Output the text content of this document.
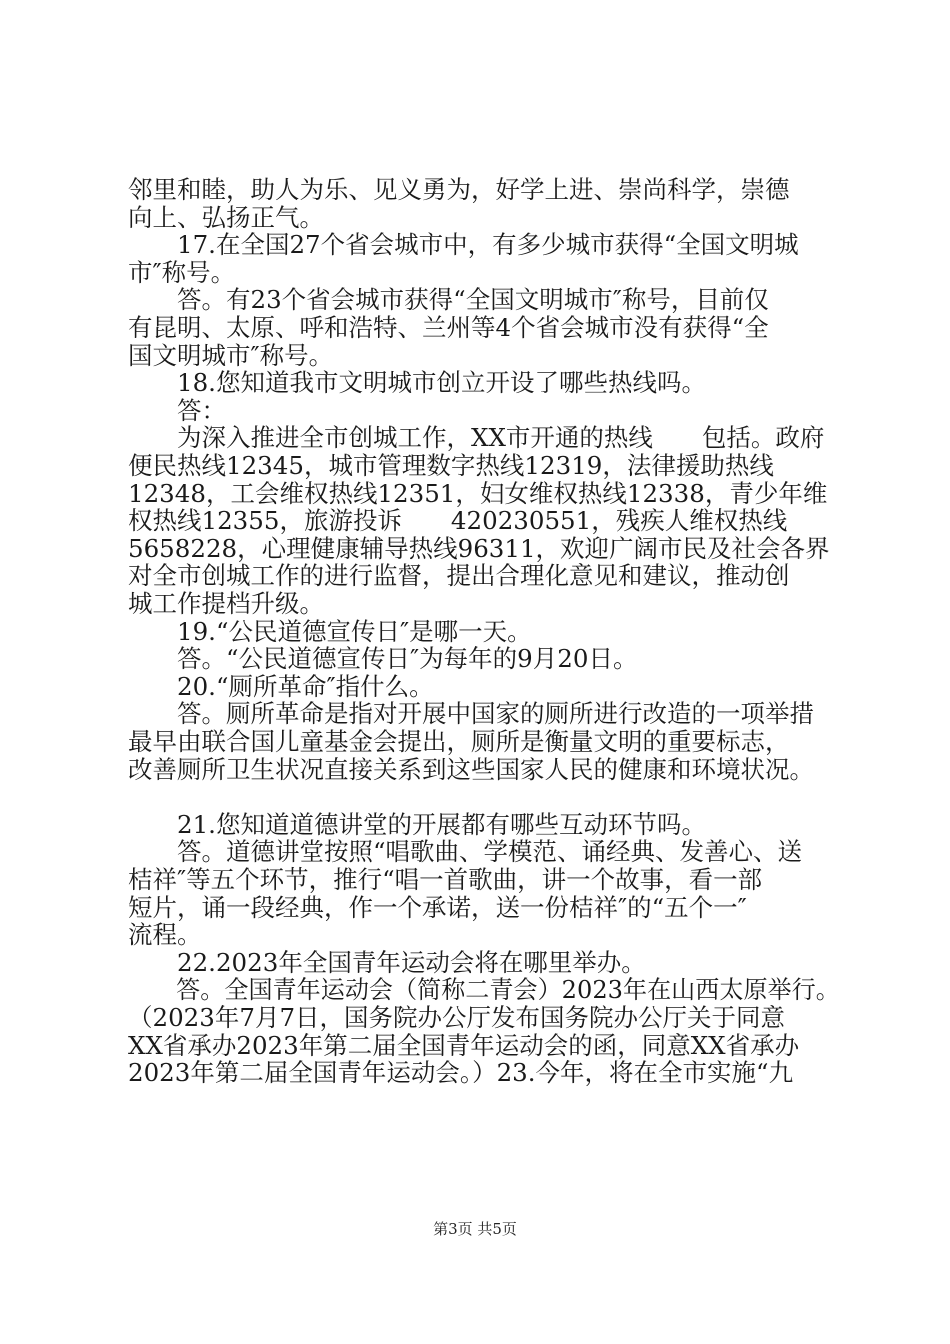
邻里和睦，助人为乐、见义勇为，好学上进、崇尚科学，崇德
向上、弘扬正气。
　　17.在全国27个省会城市中，有多少城市获得“全国文明城
市″称号。
　　答。有23个省会城市获得“全国文明城市″称号，目前仅
有昆明、太原、呼和浩特、兰州等4个省会城市没有获得“全
国文明城市″称号。
　　18.您知道我市文明城市创立开设了哪些热线吗。
　　答：
　　为深入推进全市创城工作，XX市开通的热线　　包括。政府
便民热线12345，城市管理数字热线12319，法律援助热线
12348，工会维权热线12351，妇女维权热线12338，青少年维
权热线12355，旅游投诉　　420230551，残疾人维权热线
5658228，心理健康辅导热线96311，欢迎广阔市民及社会各界
对全市创城工作的进行监督，提出合理化意见和建议，推动创
城工作提档升级。
　　19.“公民道德宣传日″是哪一天。
　　答。“公民道德宣传日″为每年的9月20日。
　　20.“厕所革命″指什么。
　　答。厕所革命是指对开展中国家的厕所进行改造的一项举措
最早由联合国儿童基金会提出，厕所是衡量文明的重要标志，
改善厕所卫生状况直接关系到这些国家人民的健康和环境状况。
　　21.您知道道德讲堂的开展都有哪些互动环节吗。
　　答。道德讲堂按照“唱歌曲、学模范、诵经典、发善心、送
桔祥″等五个环节，推行“唱一首歌曲，讲一个故事，看一部
短片，诵一段经典，作一个承诺，送一份桔祥″的“五个一″
流程。
　　22.2023年全国青年运动会将在哪里举办。
　　答。全国青年运动会（简称二青会）2023年在山西太原举行。
（2023年7月7日，国务院办公厅发布国务院办公厅关于同意
XX省承办2023年第二届全国青年运动会的函，同意XX省承办
2023年第二届全国青年运动会。）23.今年，将在全市实施“九
第3页 共5页
